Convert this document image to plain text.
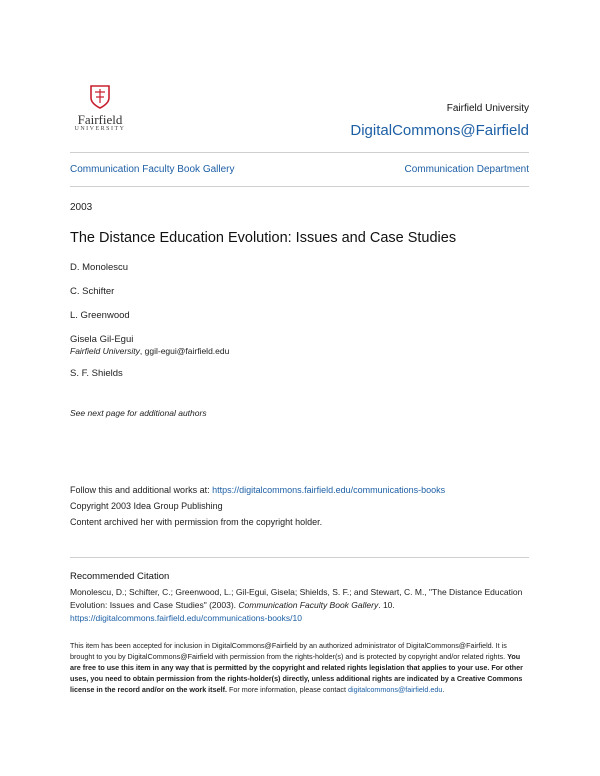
Fairfield
UNIVERSITY
Fairfield University
DigitalCommons@Fairfield
Communication Faculty Book Gallery	Communication Department
2003
The Distance Education Evolution: Issues and Case Studies
D. Monolescu
C. Schifter
L. Greenwood
Gisela Gil-Egui
Fairfield University, ggil-egui@fairfield.edu
S. F. Shields
See next page for additional authors
Follow this and additional works at: https://digitalcommons.fairfield.edu/communications-books
Copyright 2003 Idea Group Publishing
Content archived her with permission from the copyright holder.
Recommended Citation
Monolescu, D.; Schifter, C.; Greenwood, L.; Gil-Egui, Gisela; Shields, S. F.; and Stewart, C. M., "The Distance Education Evolution: Issues and Case Studies" (2003). Communication Faculty Book Gallery. 10.
https://digitalcommons.fairfield.edu/communications-books/10
This item has been accepted for inclusion in DigitalCommons@Fairfield by an authorized administrator of DigitalCommons@Fairfield. It is brought to you by DigitalCommons@Fairfield with permission from the rights-holder(s) and is protected by copyright and/or related rights. You are free to use this item in any way that is permitted by the copyright and related rights legislation that applies to your use. For other uses, you need to obtain permission from the rights-holder(s) directly, unless additional rights are indicated by a Creative Commons license in the record and/or on the work itself. For more information, please contact digitalcommons@fairfield.edu.
